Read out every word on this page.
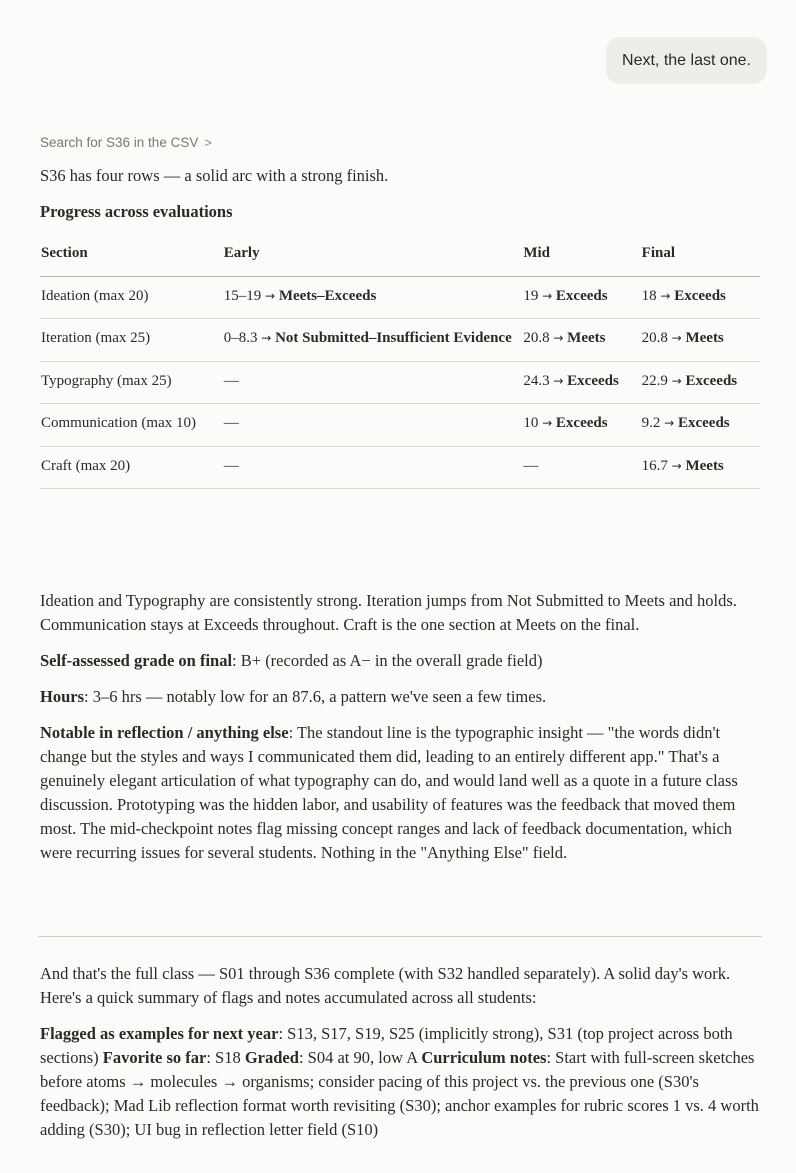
Next, the last one.
Search for S36 in the CSV >

S36 has four rows — a solid arc with a strong finish.

Progress across evaluations

Section	Early	Mid	Final
Ideation (max 20)	15–19 → Meets–Exceeds	19 → Exceeds	18 → Exceeds
Iteration (max 25)	0–8.3 → Not Submitted–Insufficient Evidence	20.8 → Meets	20.8 → Meets
Typography (max 25)	—	24.3 → Exceeds	22.9 → Exceeds
Communication (max 10)	—	10 → Exceeds	9.2 → Exceeds
Craft (max 20)	—	—	16.7 → Meets

Ideation and Typography are consistently strong. Iteration jumps from Not Submitted to Meets and holds. Communication stays at Exceeds throughout. Craft is the one section at Meets on the final.

Self-assessed grade on final: B+ (recorded as A− in the overall grade field)

Hours: 3–6 hrs — notably low for an 87.6, a pattern we've seen a few times.

Notable in reflection / anything else: The standout line is the typographic insight — "the words didn't change but the styles and ways I communicated them did, leading to an entirely different app." That's a genuinely elegant articulation of what typography can do, and would land well as a quote in a future class discussion. Prototyping was the hidden labor, and usability of features was the feedback that moved them most. The mid-checkpoint notes flag missing concept ranges and lack of feedback documentation, which were recurring issues for several students. Nothing in the "Anything Else" field.

And that's the full class — S01 through S36 complete (with S32 handled separately). A solid day's work. Here's a quick summary of flags and notes accumulated across all students:

Flagged as examples for next year: S13, S17, S19, S25 (implicitly strong), S31 (top project across both sections) Favorite so far: S18 Graded: S04 at 90, low A Curriculum notes: Start with full-screen sketches before atoms → molecules → organisms; consider pacing of this project vs. the previous one (S30's feedback); Mad Lib reflection format worth revisiting (S30); anchor examples for rubric scores 1 vs. 4 worth adding (S30); UI bug in reflection letter field (S10)
